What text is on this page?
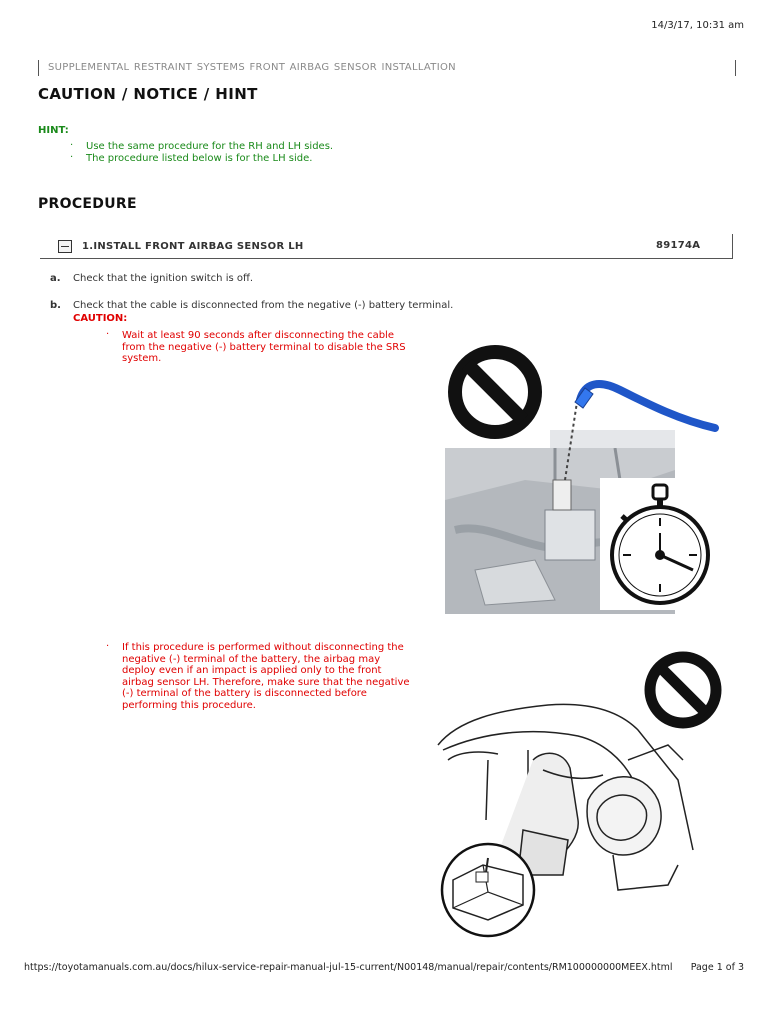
14/3/17, 10:31 am
SUPPLEMENTAL RESTRAINT SYSTEMS FRONT AIRBAG SENSOR INSTALLATION
CAUTION / NOTICE / HINT
HINT:
· Use the same procedure for the RH and LH sides.
· The procedure listed below is for the LH side.
PROCEDURE
1.INSTALL FRONT AIRBAG SENSOR LH	89174A
a. Check that the ignition switch is off.
b. Check that the cable is disconnected from the negative (-) battery terminal.
CAUTION:
· Wait at least 90 seconds after disconnecting the cable from the negative (-) battery terminal to disable the SRS system.
· If this procedure is performed without disconnecting the negative (-) terminal of the battery, the airbag may deploy even if an impact is applied only to the front airbag sensor LH. Therefore, make sure that the negative (-) terminal of the battery is disconnected before performing this procedure.
https://toyotamanuals.com.au/docs/hilux-service-repair-manual-jul-15-current/N00148/manual/repair/contents/RM100000000MEEX.html Page 1 of 3
